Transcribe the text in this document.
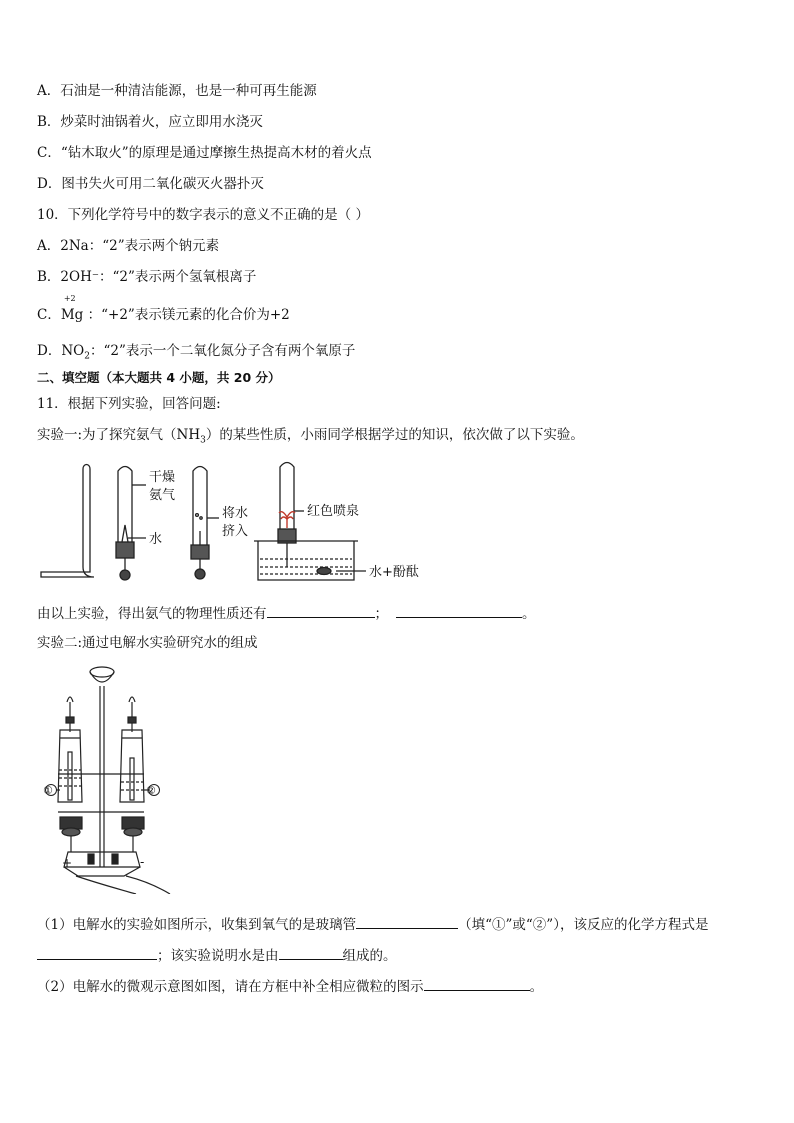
A．石油是一种清洁能源，也是一种可再生能源
B．炒菜时油锅着火，应立即用水浇灭
C．“钻木取火”的原理是通过摩擦生热提高木材的着火点
D．图书失火可用二氧化碳灭火器扑灭
10．下列化学符号中的数字表示的意义不正确的是（ ）
A．2Na：“2”表示两个钠元素
B．2OH⁻：“2”表示两个氢氧根离子
C．
+2
Mg ：“+2”表示镁元素的化合价为+2
D．$NO_2$：“2”表示一个二氧化氮分子含有两个氧原子
二、填空题（本大题共 4 小题，共 20 分）
11．根据下列实验，回答问题:
实验一:为了探究氨气$(NH_3)$的某些性质，小雨同学根据学过的知识，依次做了以下实验。
干燥
氨气
水
将水
挤入
红色喷泉
水+酚酞
由以上实验，得出氨气的物理性质还有	；	。
实验二:通过电解水实验研究水的组成
①	②
+	-
（1）电解水的实验如图所示，收集到氧气的是玻璃管	（填“①”或“②”），该反应的化学方程式是
；该实验说明水是由	组成的。
（2）电解水的微观示意图如图，请在方框中补全相应微粒的图示	。
